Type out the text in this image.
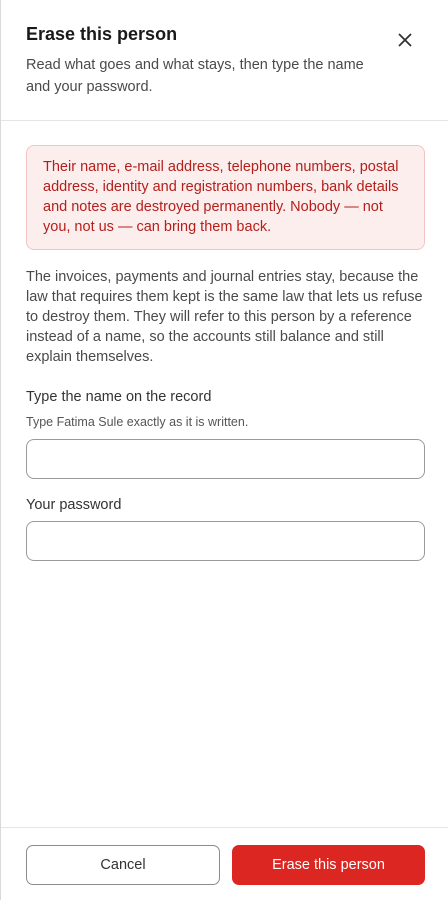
Erase this person

Read what goes and what stays, then type the name and your password.

Their name, e-mail address, telephone numbers, postal address, identity and registration numbers, bank details and notes are destroyed permanently. Nobody — not you, not us — can bring them back.

The invoices, payments and journal entries stay, because the law that requires them kept is the same law that lets us refuse to destroy them. They will refer to this person by a reference instead of a name, so the accounts still balance and still explain themselves.

Type the name on the record

Type Fatima Sule exactly as it is written.

Your password
Cancel	Erase this person
